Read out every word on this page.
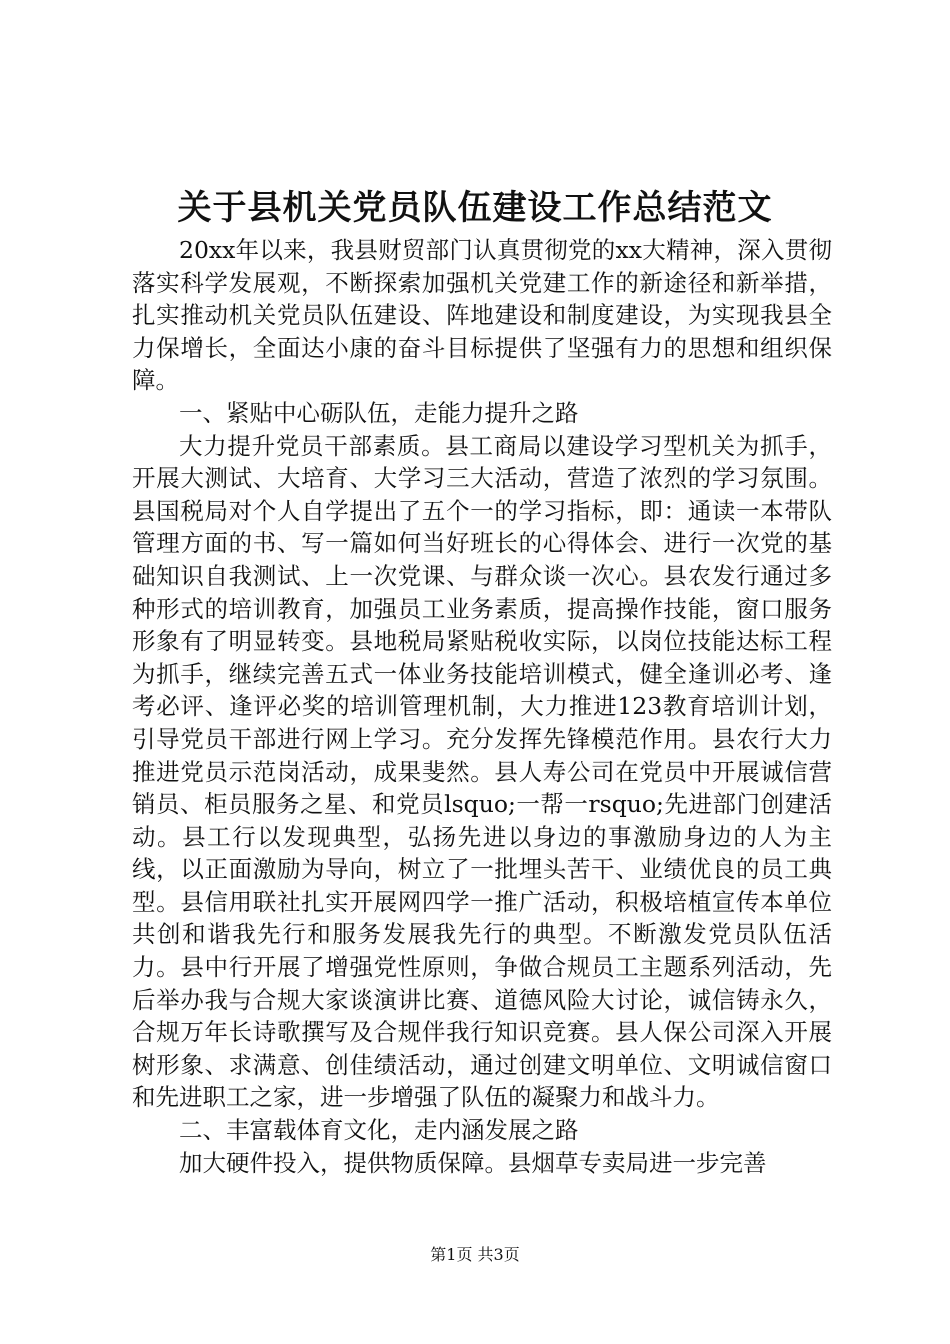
关于县机关党员队伍建设工作总结范文

20xx年以来，我县财贸部门认真贯彻党的xx大精神，深入贯彻落实科学发展观，不断探索加强机关党建工作的新途径和新举措，扎实推动机关党员队伍建设、阵地建设和制度建设，为实现我县全力保增长，全面达小康的奋斗目标提供了坚强有力的思想和组织保障。

一、紧贴中心砺队伍，走能力提升之路

大力提升党员干部素质。县工商局以建设学习型机关为抓手，开展大测试、大培育、大学习三大活动，营造了浓烈的学习氛围。县国税局对个人自学提出了五个一的学习指标，即：通读一本带队管理方面的书、写一篇如何当好班长的心得体会、进行一次党的基础知识自我测试、上一次党课、与群众谈一次心。县农发行通过多种形式的培训教育，加强员工业务素质，提高操作技能，窗口服务形象有了明显转变。县地税局紧贴税收实际，以岗位技能达标工程为抓手，继续完善五式一体业务技能培训模式，健全逢训必考、逢考必评、逢评必奖的培训管理机制，大力推进123教育培训计划，引导党员干部进行网上学习。充分发挥先锋模范作用。县农行大力推进党员示范岗活动，成果斐然。县人寿公司在党员中开展诚信营销员、柜员服务之星、和党员lsquo;一帮一rsquo;先进部门创建活动。县工行以发现典型，弘扬先进以身边的事激励身边的人为主线，以正面激励为导向，树立了一批埋头苦干、业绩优良的员工典型。县信用联社扎实开展网四学一推广活动，积极培植宣传本单位共创和谐我先行和服务发展我先行的典型。不断激发党员队伍活力。县中行开展了增强党性原则，争做合规员工主题系列活动，先后举办我与合规大家谈演讲比赛、道德风险大讨论，诚信铸永久，合规万年长诗歌撰写及合规伴我行知识竞赛。县人保公司深入开展树形象、求满意、创佳绩活动，通过创建文明单位、文明诚信窗口和先进职工之家，进一步增强了队伍的凝聚力和战斗力。

二、丰富载体育文化，走内涵发展之路

加大硬件投入，提供物质保障。县烟草专卖局进一步完善

第1页 共3页
